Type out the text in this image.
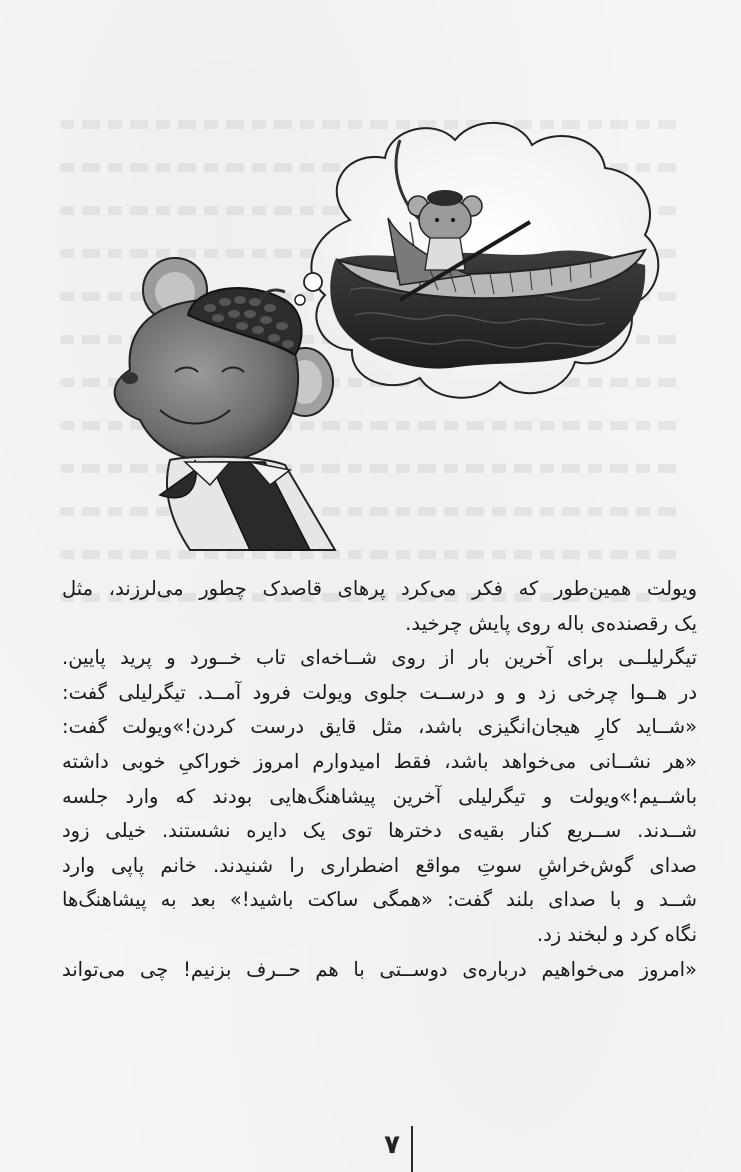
ویولت همین‌طور که فکر می‌کرد پرهای قاصدک چطور می‌لرزند، مثل
یک رقصنده‌ی باله روی پایش چرخید.
تیگرلیلــی برای آخرین بار از روی شــاخه‌ای تاب خــورد و پرید پایین.
در هــوا چرخی زد و و درســت جلوی ویولت فرود آمــد. تیگرلیلی گفت:
«شــاید کارِ هیجان‌انگیزی باشد، مثل قایق درست کردن!»ویولت گفت:
«هر نشــانی می‌خواهد باشد، فقط امیدوارم امروز خوراکیِ خوبی داشته
باشــیم!»ویولت و تیگرلیلی آخرین پیشاهنگ‌هایی بودند که وارد جلسه
شــدند. ســریع کنار بقیه‌ی دخترها توی یک دایره نشستند. خیلی زود
صدای گوش‌خراشِ سوتِ مواقع اضطراری را شنیدند. خانم پاپی وارد
شــد و با صدای بلند گفت: «همگی ساکت باشید!» بعد به پیشاهنگ‌ها
نگاه کرد و لبخند زد.
«امروز می‌خواهیم درباره‌ی دوســتی با هم حــرف بزنیم! چی می‌تواند
۷
